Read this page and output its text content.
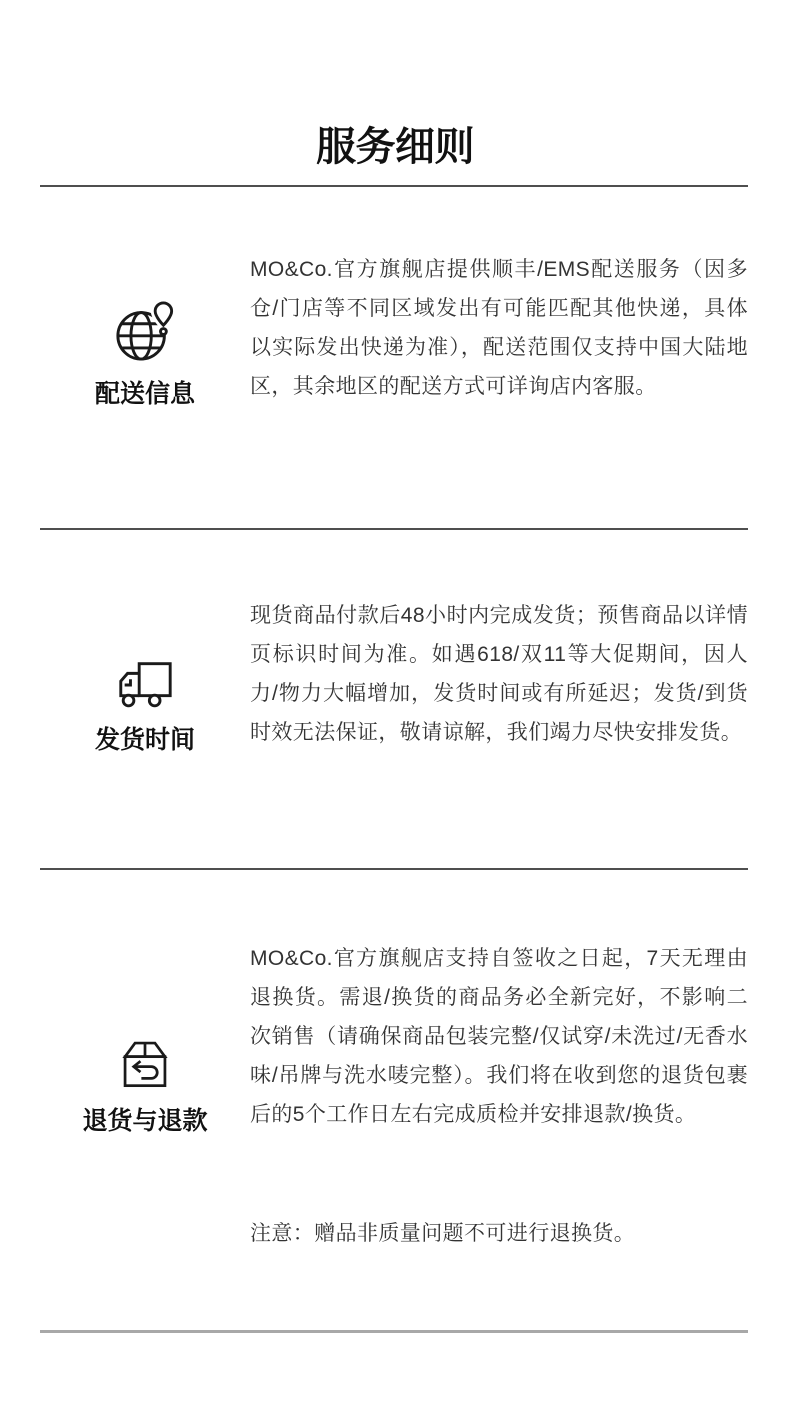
服务细则
配送信息
MO&Co.官方旗舰店提供顺丰/EMS配送服务（因多仓/门店等不同区域发出有可能匹配其他快递，具体以实际发出快递为准），配送范围仅支持中国大陆地区，其余地区的配送方式可详询店内客服。
发货时间
现货商品付款后48小时内完成发货；预售商品以详情页标识时间为准。如遇618/双11等大促期间，因人力/物力大幅增加，发货时间或有所延迟；发货/到货时效无法保证，敬请谅解，我们竭力尽快安排发货。
退货与退款
MO&Co.官方旗舰店支持自签收之日起，7天无理由退换货。需退/换货的商品务必全新完好，不影响二次销售（请确保商品包装完整/仅试穿/未洗过/无香水味/吊牌与洗水唛完整）。我们将在收到您的退货包裹后的5个工作日左右完成质检并安排退款/换货。
注意：赠品非质量问题不可进行退换货。
